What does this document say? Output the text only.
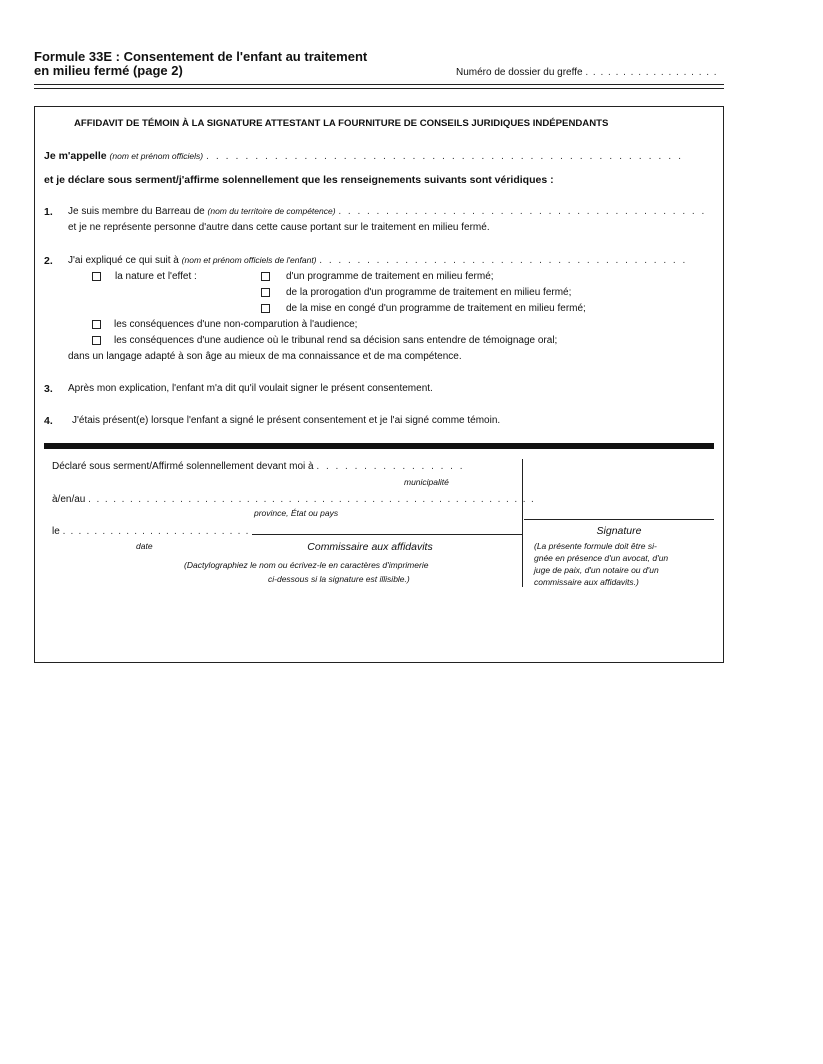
Formule 33E : Consentement de l'enfant au traitement
en milieu fermé (page 2)	Numéro de dossier du greffe . . . . . . . . . . . . . . . . . .
AFFIDAVIT DE TÉMOIN À LA SIGNATURE ATTESTANT LA FOURNITURE DE CONSEILS JURIDIQUES INDÉPENDANTS
Je m'appelle (nom et prénom officiels) . . . . . . . . . . . . . . . . . . . . . . . . . . . . . . . . . . . . . . . . . . . . . . . . .
et je déclare sous serment/j'affirme solennellement que les renseignements suivants sont véridiques :
1. Je suis membre du Barreau de (nom du territoire de compétence) . . . . . . . . . . . . . . . . . . . . . . . . . . . . . . . . . . . . . . .
et je ne représente personne d'autre dans cette cause portant sur le traitement en milieu fermé.
2. J'ai expliqué ce qui suit à (nom et prénom officiels de l'enfant) . . . . . . . . . . . . . . . . . . . . . . . . . . . . . . . . . . . . . . .
la nature et l'effet :	d'un programme de traitement en milieu fermé;
de la prorogation d'un programme de traitement en milieu fermé;
de la mise en congé d'un programme de traitement en milieu fermé;
les conséquences d'une non-comparution à l'audience;
les conséquences d'une audience où le tribunal rend sa décision sans entendre de témoignage oral;
dans un langage adapté à son âge au mieux de ma connaissance et de ma compétence.
3. Après mon explication, l'enfant m'a dit qu'il voulait signer le présent consentement.
4. J'étais présent(e) lorsque l'enfant a signé le présent consentement et je l'ai signé comme témoin.
Déclaré sous serment/Affirmé solennellement devant moi à . . . . . . . . . . . . . . . .
municipalité
à/en/au . . . . . . . . . . . . . . . . . . . . . . . . . . . . . . . . . . . . . . . . . . . . . . . . . . . . . .
province, État ou pays
le . . . . . . . . . . . . . . . . . . . . . . . .
date	Commissaire aux affidavits
(Dactylographiez le nom ou écrivez-le en caractères d'imprimerie
ci-dessous si la signature est illisible.)
Signature
(La présente formule doit être si-
gnée en présence d'un avocat, d'un
juge de paix, d'un notaire ou d'un
commissaire aux affidavits.)
